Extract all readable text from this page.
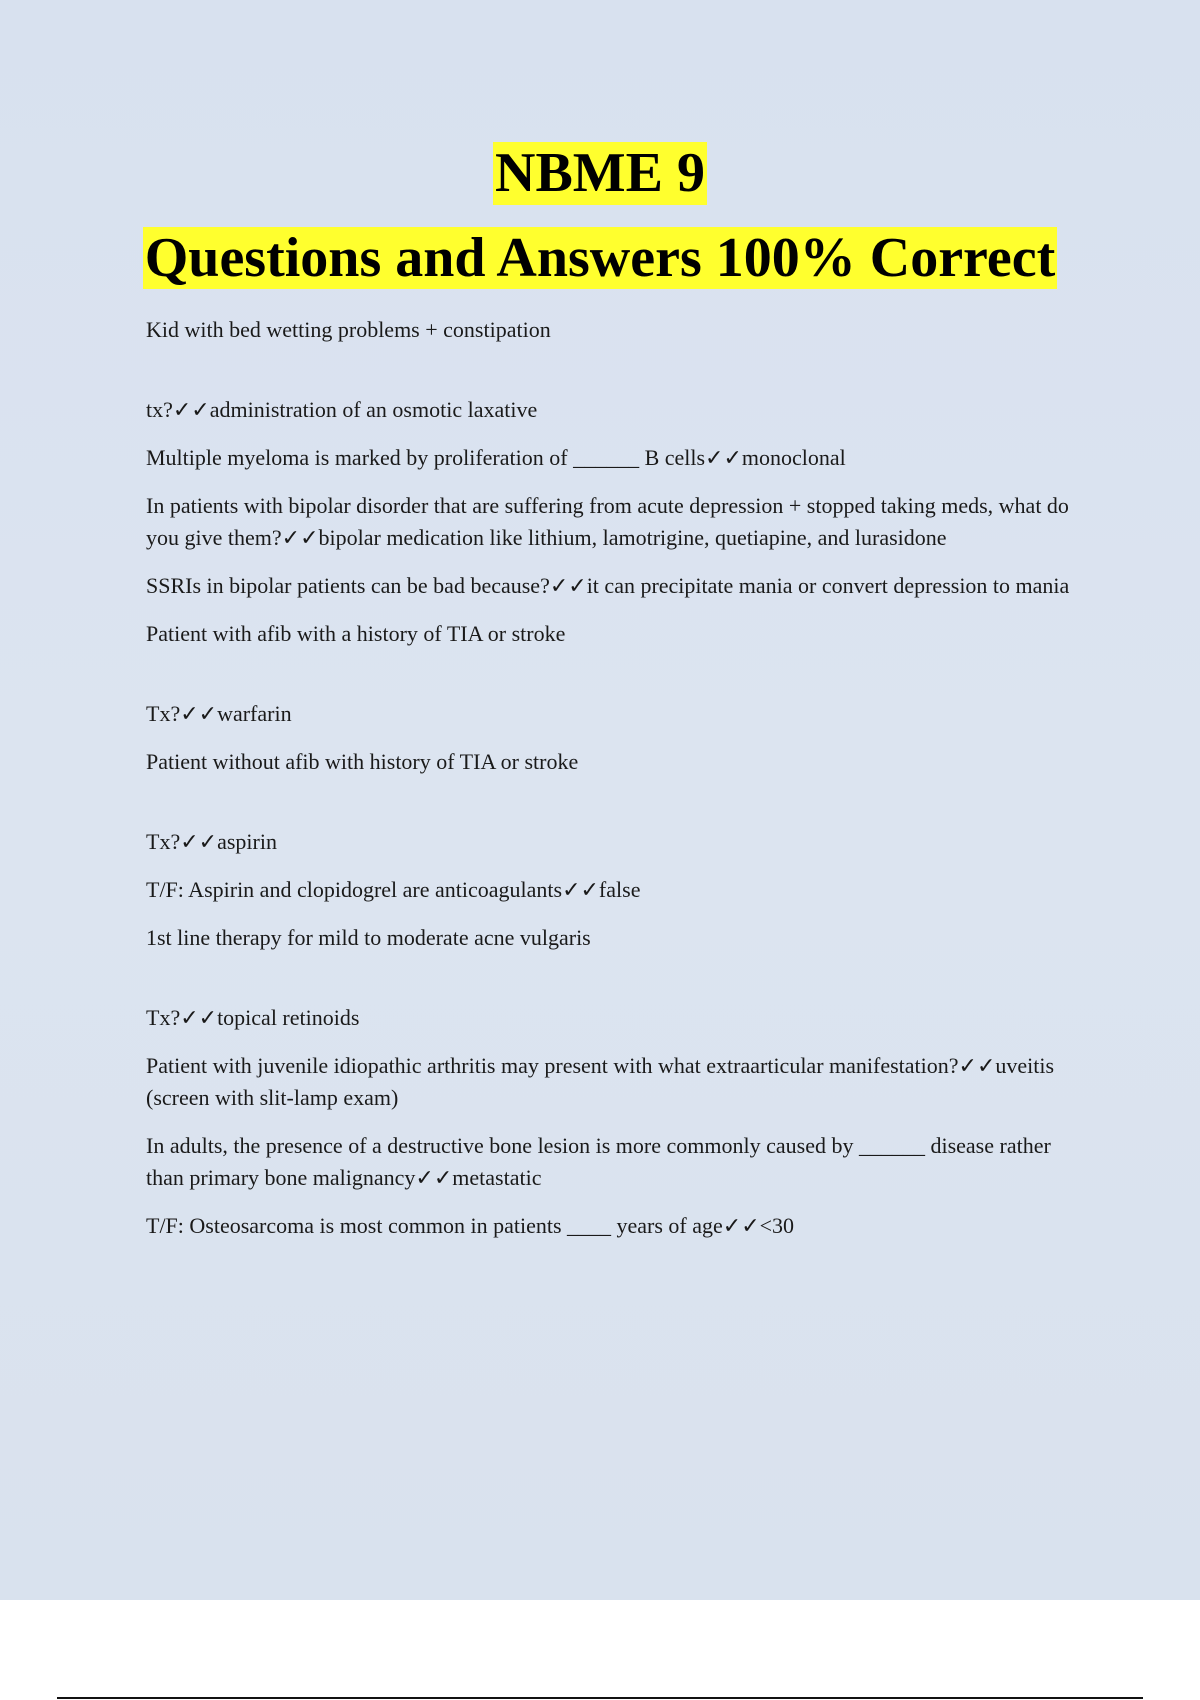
NBME 9
Questions and Answers 100% Correct

Kid with bed wetting problems + constipation

tx?✓✓administration of an osmotic laxative

Multiple myeloma is marked by proliferation of ______ B cells✓✓monoclonal

In patients with bipolar disorder that are suffering from acute depression + stopped taking meds, what do you give them?✓✓bipolar medication like lithium, lamotrigine, quetiapine, and lurasidone

SSRIs in bipolar patients can be bad because?✓✓it can precipitate mania or convert depression to mania

Patient with afib with a history of TIA or stroke

Tx?✓✓warfarin

Patient without afib with history of TIA or stroke

Tx?✓✓aspirin

T/F: Aspirin and clopidogrel are anticoagulants✓✓false

1st line therapy for mild to moderate acne vulgaris

Tx?✓✓topical retinoids

Patient with juvenile idiopathic arthritis may present with what extraarticular manifestation?✓✓uveitis (screen with slit-lamp exam)

In adults, the presence of a destructive bone lesion is more commonly caused by ______ disease rather than primary bone malignancy✓✓metastatic

T/F: Osteosarcoma is most common in patients ____ years of age✓✓<30
